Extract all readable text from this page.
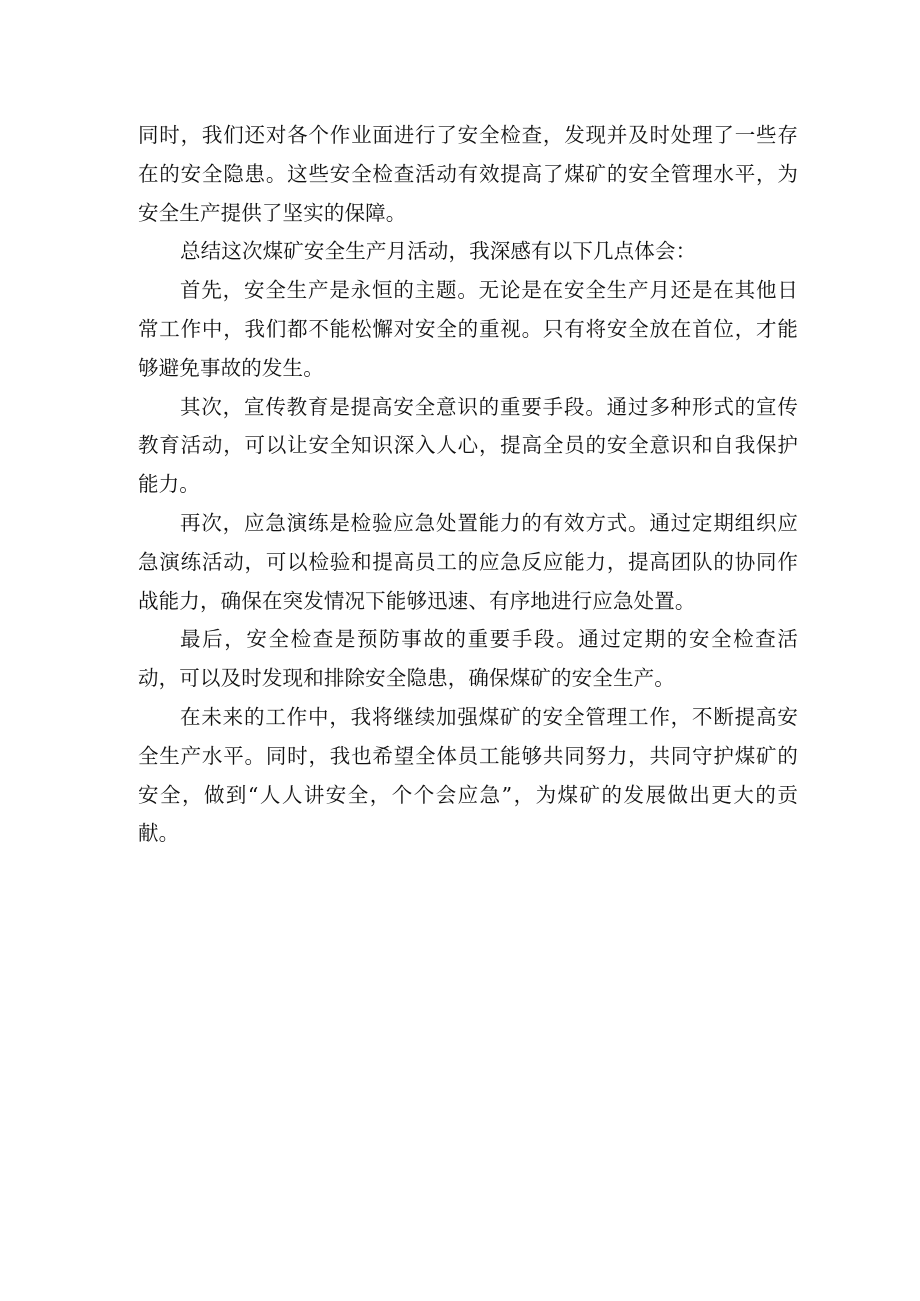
同时，我们还对各个作业面进行了安全检查，发现并及时处理了一些存在的安全隐患。这些安全检查活动有效提高了煤矿的安全管理水平，为安全生产提供了坚实的保障。

总结这次煤矿安全生产月活动，我深感有以下几点体会：

首先，安全生产是永恒的主题。无论是在安全生产月还是在其他日常工作中，我们都不能松懈对安全的重视。只有将安全放在首位，才能够避免事故的发生。

其次，宣传教育是提高安全意识的重要手段。通过多种形式的宣传教育活动，可以让安全知识深入人心，提高全员的安全意识和自我保护能力。

再次，应急演练是检验应急处置能力的有效方式。通过定期组织应急演练活动，可以检验和提高员工的应急反应能力，提高团队的协同作战能力，确保在突发情况下能够迅速、有序地进行应急处置。

最后，安全检查是预防事故的重要手段。通过定期的安全检查活动，可以及时发现和排除安全隐患，确保煤矿的安全生产。

在未来的工作中，我将继续加强煤矿的安全管理工作，不断提高安全生产水平。同时，我也希望全体员工能够共同努力，共同守护煤矿的安全，做到“人人讲安全，个个会应急”，为煤矿的发展做出更大的贡献。
